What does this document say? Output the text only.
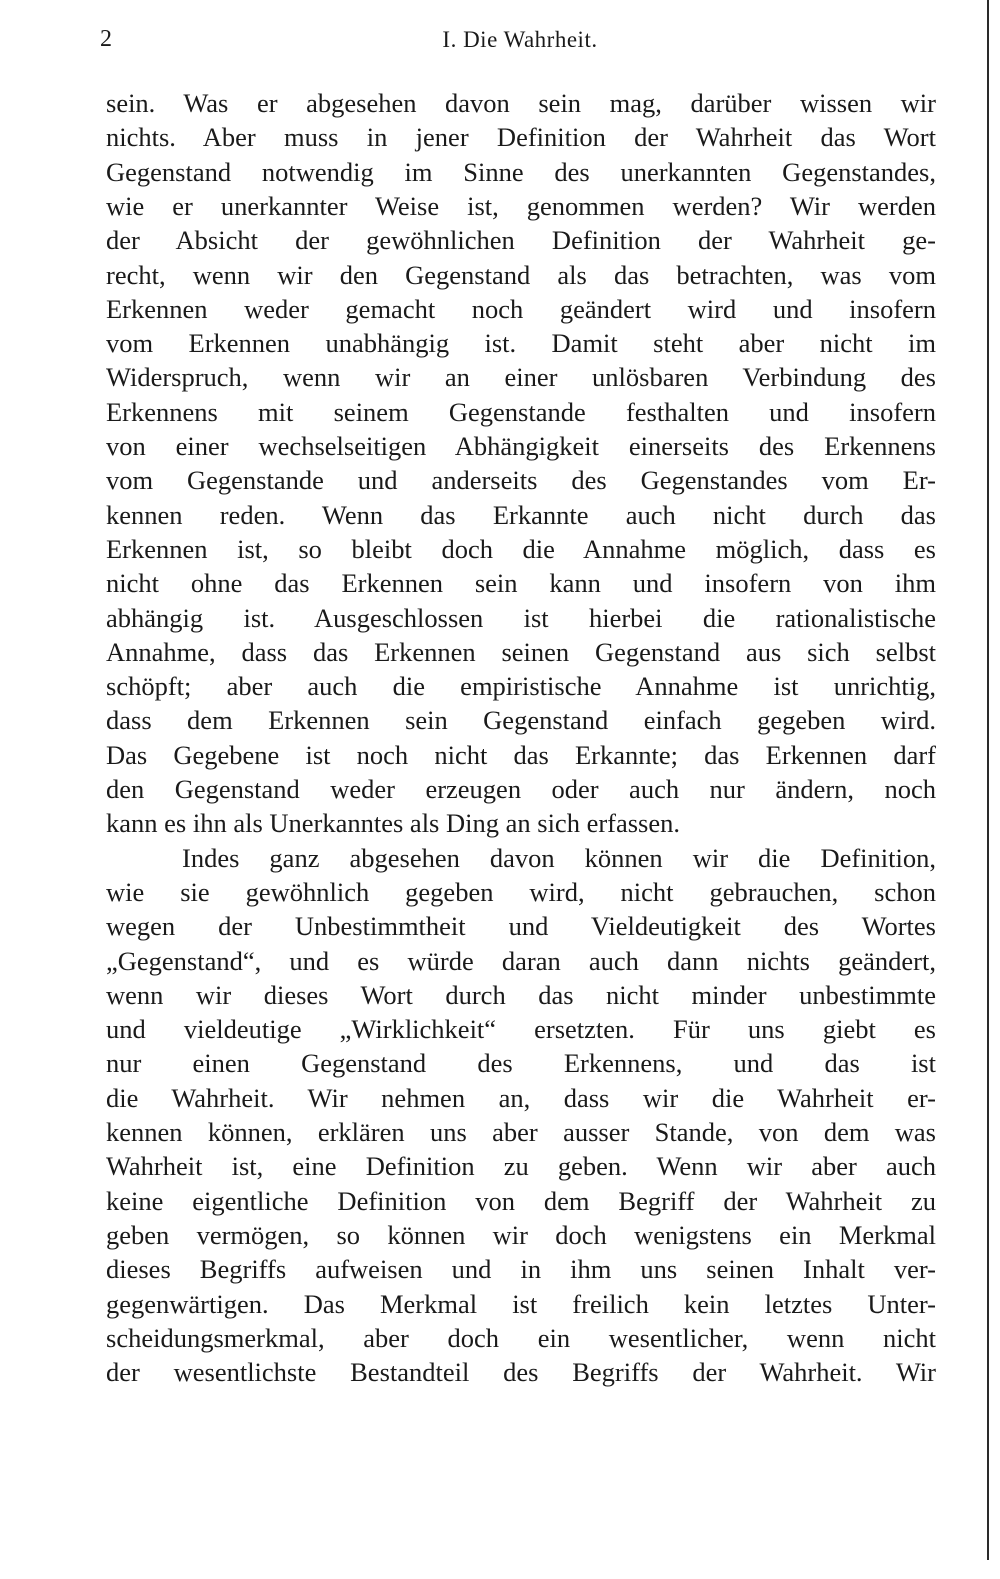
2	I. Die Wahrheit.
sein. Was er abgesehen davon sein mag, darüber wissen wir
nichts. Aber muss in jener Definition der Wahrheit das Wort
Gegenstand notwendig im Sinne des unerkannten Gegenstandes,
wie er unerkannter Weise ist, genommen werden? Wir werden
der Absicht der gewöhnlichen Definition der Wahrheit ge-
recht, wenn wir den Gegenstand als das betrachten, was vom
Erkennen weder gemacht noch geändert wird und insofern
vom Erkennen unabhängig ist. Damit steht aber nicht im
Widerspruch, wenn wir an einer unlösbaren Verbindung des
Erkennens mit seinem Gegenstande festhalten und insofern
von einer wechselseitigen Abhängigkeit einerseits des Erkennens
vom Gegenstande und anderseits des Gegenstandes vom Er-
kennen reden. Wenn das Erkannte auch nicht durch das
Erkennen ist, so bleibt doch die Annahme möglich, dass es
nicht ohne das Erkennen sein kann und insofern von ihm
abhängig ist. Ausgeschlossen ist hierbei die rationalistische
Annahme, dass das Erkennen seinen Gegenstand aus sich selbst
schöpft; aber auch die empiristische Annahme ist unrichtig,
dass dem Erkennen sein Gegenstand einfach gegeben wird.
Das Gegebene ist noch nicht das Erkannte; das Erkennen darf
den Gegenstand weder erzeugen oder auch nur ändern, noch
kann es ihn als Unerkanntes als Ding an sich erfassen.
Indes ganz abgesehen davon können wir die Definition,
wie sie gewöhnlich gegeben wird, nicht gebrauchen, schon
wegen der Unbestimmtheit und Vieldeutigkeit des Wortes
„Gegenstand“, und es würde daran auch dann nichts geändert,
wenn wir dieses Wort durch das nicht minder unbestimmte
und vieldeutige „Wirklichkeit“ ersetzten. Für uns giebt es
nur einen Gegenstand des Erkennens, und das ist
die Wahrheit. Wir nehmen an, dass wir die Wahrheit er-
kennen können, erklären uns aber ausser Stande, von dem was
Wahrheit ist, eine Definition zu geben. Wenn wir aber auch
keine eigentliche Definition von dem Begriff der Wahrheit zu
geben vermögen, so können wir doch wenigstens ein Merkmal
dieses Begriffs aufweisen und in ihm uns seinen Inhalt ver-
gegenwärtigen. Das Merkmal ist freilich kein letztes Unter-
scheidungsmerkmal, aber doch ein wesentlicher, wenn nicht
der wesentlichste Bestandteil des Begriffs der Wahrheit. Wir
